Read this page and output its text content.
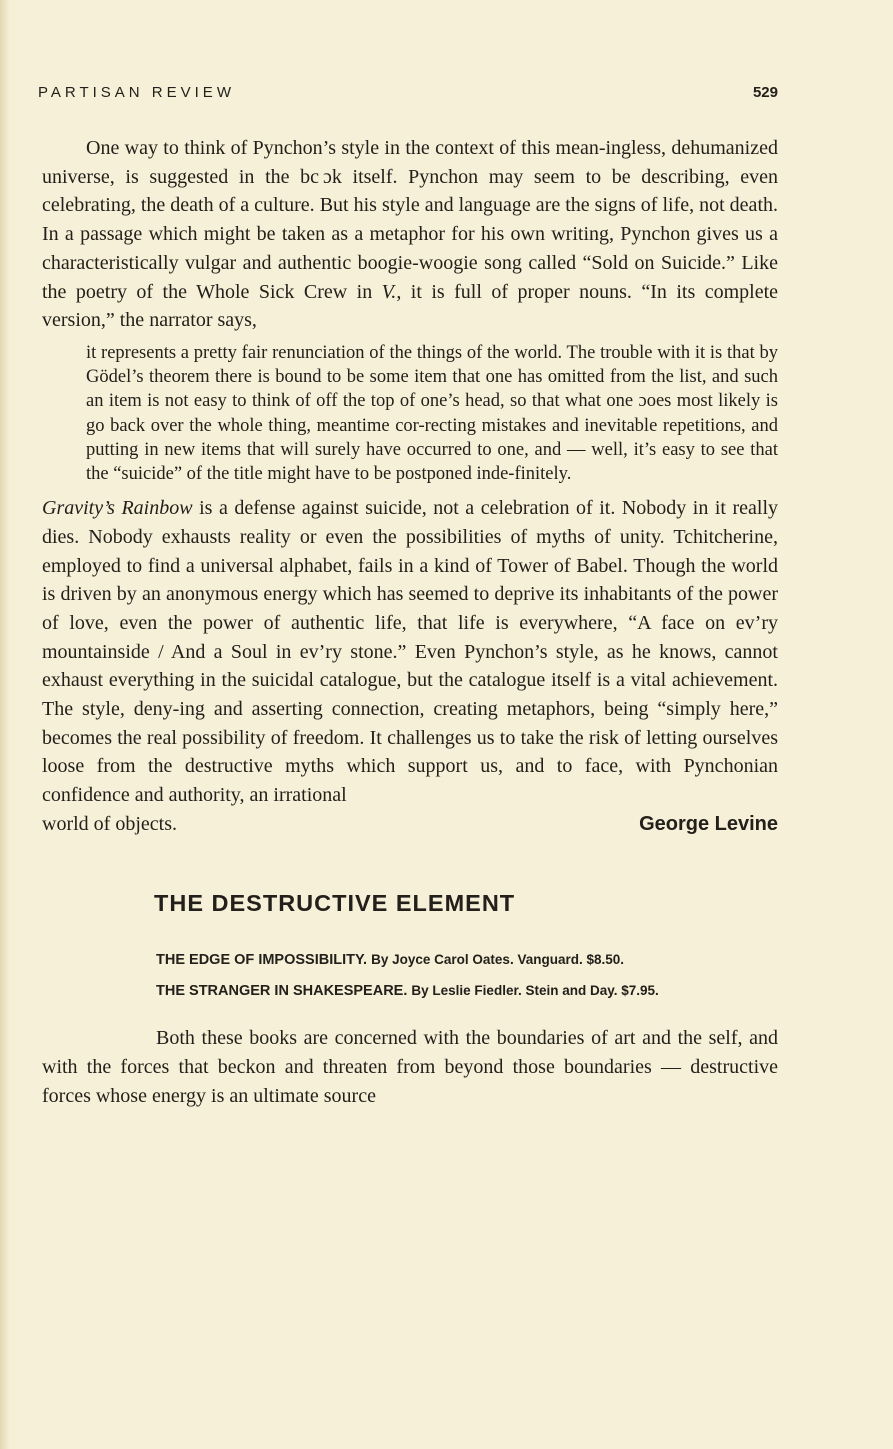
PARTISAN REVIEW	529

One way to think of Pynchon’s style in the context of this mean-ingless, dehumanized universe, is suggested in the bc ɔk itself. Pynchon may seem to be describing, even celebrating, the death of a culture. But his style and language are the signs of life, not death. In a passage which might be taken as a metaphor for his own writing, Pynchon gives us a characteristically vulgar and authentic boogie-woogie song called “Sold on Suicide.” Like the poetry of the Whole Sick Crew in V., it is full of proper nouns. “In its complete version,” the narrator says,

it represents a pretty fair renunciation of the things of the world. The trouble with it is that by Gödel’s theorem there is bound to be some item that one has omitted from the list, and such an item is not easy to think of off the top of one’s head, so that what one ɔoes most likely is go back over the whole thing, meantime cor-recting mistakes and inevitable repetitions, and putting in new items that will surely have occurred to one, and — well, it’s easy to see that the “suicide” of the title might have to be postponed inde-finitely.

Gravity’s Rainbow is a defense against suicide, not a celebration of it. Nobody in it really dies. Nobody exhausts reality or even the possibilities of myths of unity. Tchitcherine, employed to find a universal alphabet, fails in a kind of Tower of Babel. Though the world is driven by an anonymous energy which has seemed to deprive its inhabitants of the power of love, even the power of authentic life, that life is everywhere, “A face on ev’ry mountainside / And a Soul in ev’ry stone.” Even Pynchon’s style, as he knows, cannot exhaust everything in the suicidal catalogue, but the catalogue itself is a vital achievement. The style, deny-ing and asserting connection, creating metaphors, being “simply here,” becomes the real possibility of freedom. It challenges us to take the risk of letting ourselves loose from the destructive myths which support us, and to face, with Pynchonian confidence and authority, an irrational

world of objects.	George Levine
THE DESTRUCTIVE ELEMENT
THE EDGE OF IMPOSSIBILITY. By Joyce Carol Oates. Vanguard. $8.50.
THE STRANGER IN SHAKESPEARE. By Leslie Fiedler. Stein and Day. $7.95.

Both these books are concerned with the boundaries of art and the self, and with the forces that beckon and threaten from beyond those boundaries — destructive forces whose energy is an ultimate source
